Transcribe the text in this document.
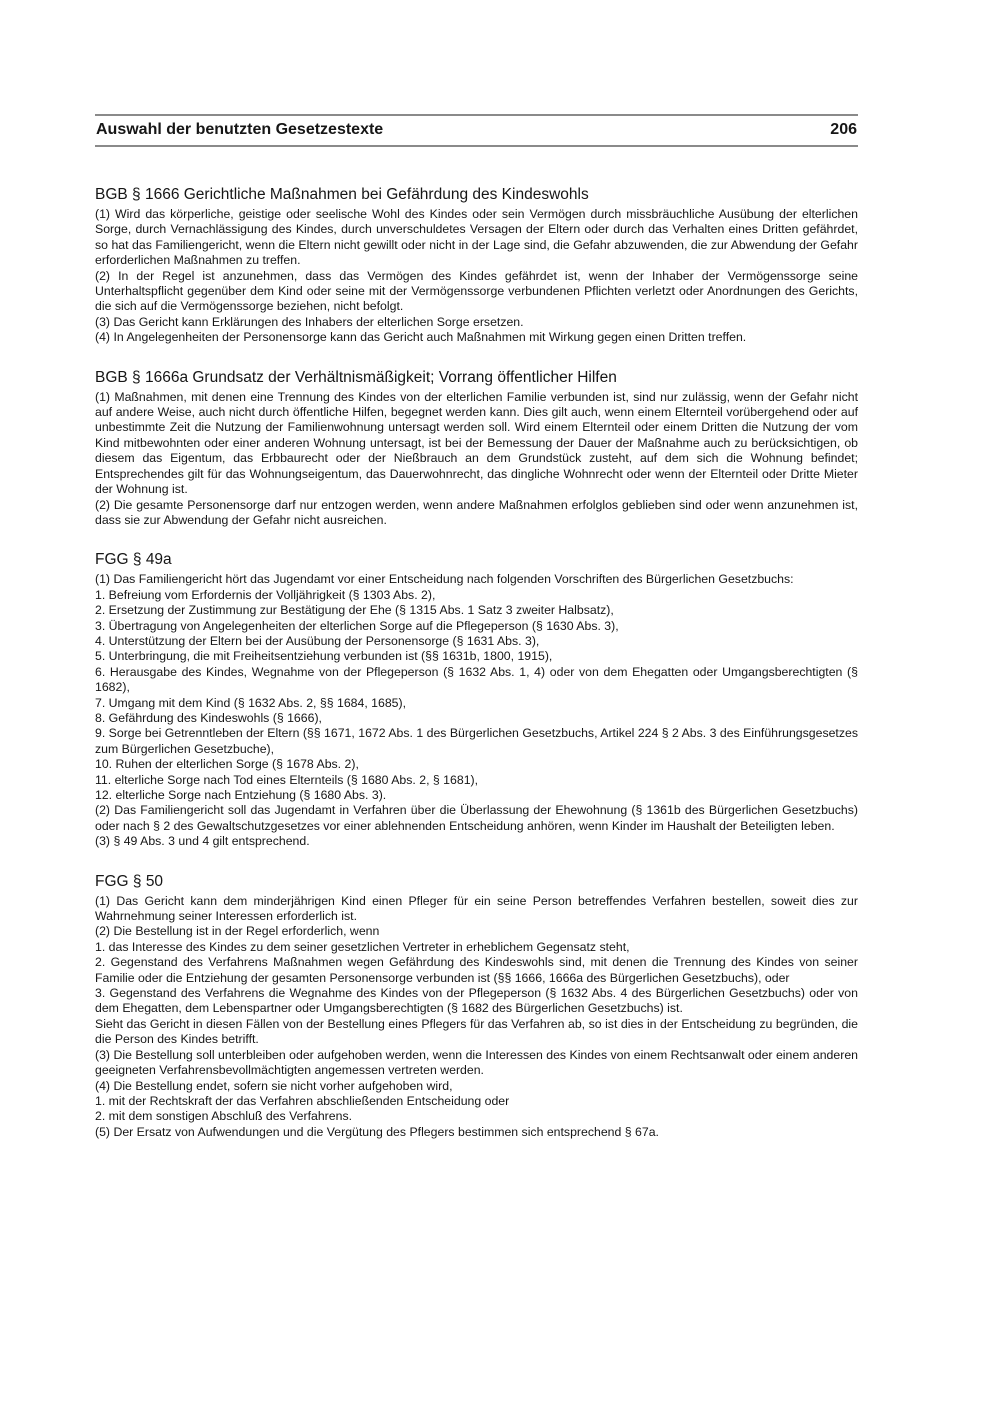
Auswahl der benutzten Gesetzestexte	206
BGB § 1666 Gerichtliche Maßnahmen bei Gefährdung des Kindeswohls

(1) Wird das körperliche, geistige oder seelische Wohl des Kindes oder sein Vermögen durch missbräuchliche Ausübung der elterlichen Sorge, durch Vernachlässigung des Kindes, durch unverschuldetes Versagen der Eltern oder durch das Verhalten eines Dritten gefährdet, so hat das Familiengericht, wenn die Eltern nicht gewillt oder nicht in der Lage sind, die Gefahr abzuwenden, die zur Abwendung der Gefahr erforderlichen Maßnahmen zu treffen.

(2) In der Regel ist anzunehmen, dass das Vermögen des Kindes gefährdet ist, wenn der Inhaber der Vermögenssorge seine Unterhaltspflicht gegenüber dem Kind oder seine mit der Vermögenssorge verbundenen Pflichten verletzt oder Anordnungen des Gerichts, die sich auf die Vermögenssorge beziehen, nicht befolgt.

(3) Das Gericht kann Erklärungen des Inhabers der elterlichen Sorge ersetzen.

(4) In Angelegenheiten der Personensorge kann das Gericht auch Maßnahmen mit Wirkung gegen einen Dritten treffen.

BGB § 1666a Grundsatz der Verhältnismäßigkeit; Vorrang öffentlicher Hilfen

(1) Maßnahmen, mit denen eine Trennung des Kindes von der elterlichen Familie verbunden ist, sind nur zulässig, wenn der Gefahr nicht auf andere Weise, auch nicht durch öffentliche Hilfen, begegnet werden kann. Dies gilt auch, wenn einem Elternteil vorübergehend oder auf unbestimmte Zeit die Nutzung der Familienwohnung untersagt werden soll. Wird einem Elternteil oder einem Dritten die Nutzung der vom Kind mitbewohnten oder einer anderen Wohnung untersagt, ist bei der Bemessung der Dauer der Maßnahme auch zu berücksichtigen, ob diesem das Eigentum, das Erbbaurecht oder der Nießbrauch an dem Grundstück zusteht, auf dem sich die Wohnung befindet; Entsprechendes gilt für das Wohnungseigentum, das Dauerwohnrecht, das dingliche Wohnrecht oder wenn der Elternteil oder Dritte Mieter der Wohnung ist.

(2) Die gesamte Personensorge darf nur entzogen werden, wenn andere Maßnahmen erfolglos geblieben sind oder wenn anzunehmen ist, dass sie zur Abwendung der Gefahr nicht ausreichen.

FGG § 49a

(1) Das Familiengericht hört das Jugendamt vor einer Entscheidung nach folgenden Vorschriften des Bürgerlichen Gesetzbuchs:

1. Befreiung vom Erfordernis der Volljährigkeit (§ 1303 Abs. 2),

2. Ersetzung der Zustimmung zur Bestätigung der Ehe (§ 1315 Abs. 1 Satz 3 zweiter Halbsatz),

3. Übertragung von Angelegenheiten der elterlichen Sorge auf die Pflegeperson (§ 1630 Abs. 3),

4. Unterstützung der Eltern bei der Ausübung der Personensorge (§ 1631 Abs. 3),

5. Unterbringung, die mit Freiheitsentziehung verbunden ist (§§ 1631b, 1800, 1915),

6. Herausgabe des Kindes, Wegnahme von der Pflegeperson (§ 1632 Abs. 1, 4) oder von dem Ehegatten oder Umgangsberechtigten (§ 1682),

7. Umgang mit dem Kind (§ 1632 Abs. 2, §§ 1684, 1685),

8. Gefährdung des Kindeswohls (§ 1666),

9. Sorge bei Getrenntleben der Eltern (§§ 1671, 1672 Abs. 1 des Bürgerlichen Gesetzbuchs, Artikel 224 § 2 Abs. 3 des Einführungsgesetzes zum Bürgerlichen Gesetzbuche),

10. Ruhen der elterlichen Sorge (§ 1678 Abs. 2),

11. elterliche Sorge nach Tod eines Elternteils (§ 1680 Abs. 2, § 1681),

12. elterliche Sorge nach Entziehung (§ 1680 Abs. 3).

(2) Das Familiengericht soll das Jugendamt in Verfahren über die Überlassung der Ehewohnung (§ 1361b des Bürgerlichen Gesetzbuchs) oder nach § 2 des Gewaltschutzgesetzes vor einer ablehnenden Entscheidung anhören, wenn Kinder im Haushalt der Beteiligten leben.

(3) § 49 Abs. 3 und 4 gilt entsprechend.

FGG § 50

(1) Das Gericht kann dem minderjährigen Kind einen Pfleger für ein seine Person betreffendes Verfahren bestellen, soweit dies zur Wahrnehmung seiner Interessen erforderlich ist.

(2) Die Bestellung ist in der Regel erforderlich, wenn

1. das Interesse des Kindes zu dem seiner gesetzlichen Vertreter in erheblichem Gegensatz steht,

2. Gegenstand des Verfahrens Maßnahmen wegen Gefährdung des Kindeswohls sind, mit denen die Trennung des Kindes von seiner Familie oder die Entziehung der gesamten Personensorge verbunden ist (§§ 1666, 1666a des Bürgerlichen Gesetzbuchs), oder

3. Gegenstand des Verfahrens die Wegnahme des Kindes von der Pflegeperson (§ 1632 Abs. 4 des Bürgerlichen Gesetzbuchs) oder von dem Ehegatten, dem Lebenspartner oder Umgangsberechtigten (§ 1682 des Bürgerlichen Gesetzbuchs) ist.

Sieht das Gericht in diesen Fällen von der Bestellung eines Pflegers für das Verfahren ab, so ist dies in der Entscheidung zu begründen, die die Person des Kindes betrifft.

(3) Die Bestellung soll unterbleiben oder aufgehoben werden, wenn die Interessen des Kindes von einem Rechtsanwalt oder einem anderen geeigneten Verfahrensbevollmächtigten angemessen vertreten werden.

(4) Die Bestellung endet, sofern sie nicht vorher aufgehoben wird,

1. mit der Rechtskraft der das Verfahren abschließenden Entscheidung oder

2. mit dem sonstigen Abschluß des Verfahrens.

(5) Der Ersatz von Aufwendungen und die Vergütung des Pflegers bestimmen sich entsprechend § 67a.
